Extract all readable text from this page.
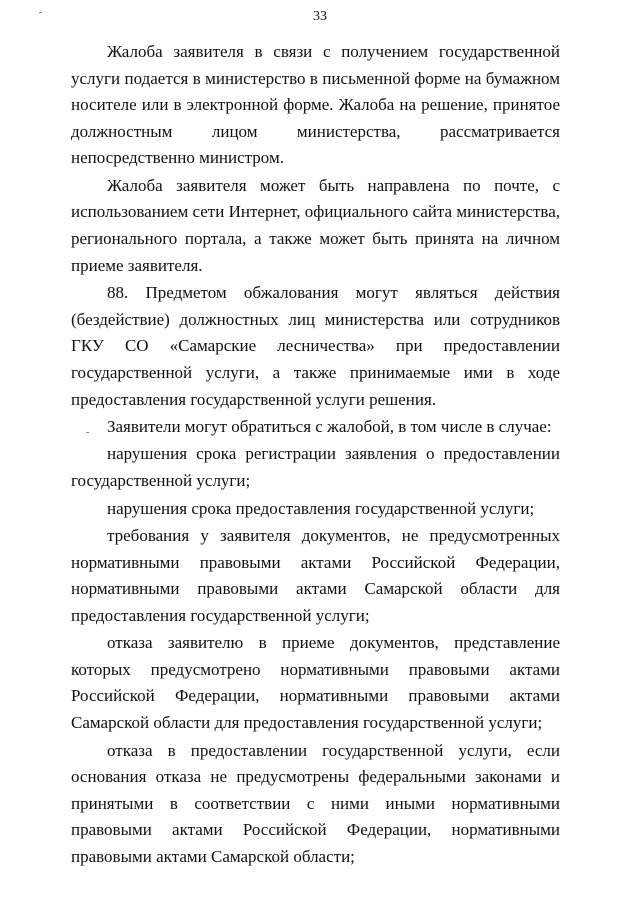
33

Жалоба заявителя в связи с получением государственной услуги подается в министерство в письменной форме на бумажном носителе или в электронной форме. Жалоба на решение, принятое должностным лицом министерства, рассматривается непосредственно министром.

Жалоба заявителя может быть направлена по почте, с использованием сети Интернет, официального сайта министерства, регионального портала, а также может быть принята на личном приеме заявителя.

88. Предметом обжалования могут являться действия (бездействие) должностных лиц министерства или сотрудников ГКУ СО «Самарские лесничества» при предоставлении государственной услуги, а также принимаемые ими в ходе предоставления государственной услуги решения.

Заявители могут обратиться с жалобой, в том числе в случае:

нарушения срока регистрации заявления о предоставлении государственной услуги;

нарушения срока предоставления государственной услуги;

требования у заявителя документов, не предусмотренных нормативными правовыми актами Российской Федерации, нормативными правовыми актами Самарской области для предоставления государственной услуги;

отказа заявителю в приеме документов, представление которых предусмотрено нормативными правовыми актами Российской Федерации, нормативными правовыми актами Самарской области для предоставления государственной услуги;

отказа в предоставлении государственной услуги, если основания отказа не предусмотрены федеральными законами и принятыми в соответствии с ними иными нормативными правовыми актами Российской Федерации, нормативными правовыми актами Самарской области;
